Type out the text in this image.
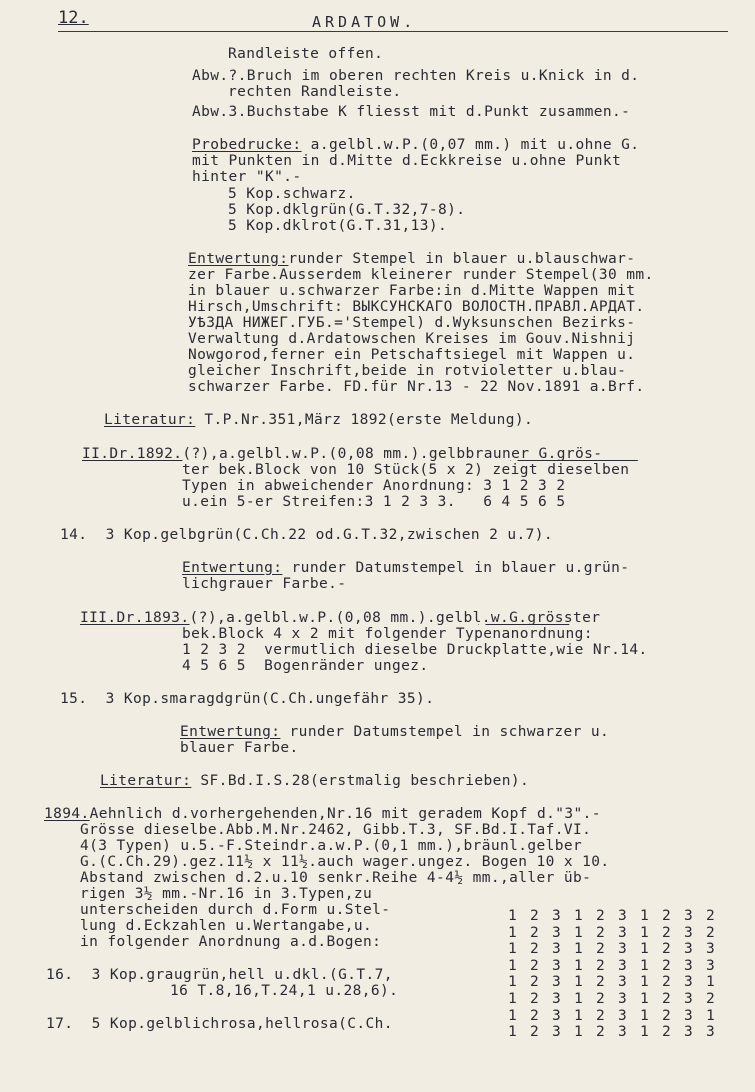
12.	ARDATOW.
Randleiste offen.
Abw.?.Bruch im oberen rechten Kreis u.Knick in d.
rechten Randleiste.
Abw.3.Buchstabe K fliesst mit d.Punkt zusammen.-
Probedrucke: a.gelbl.w.P.(0,07 mm.) mit u.ohne G.
mit Punkten in d.Mitte d.Eckkreise u.ohne Punkt
hinter "K".-
5 Kop.schwarz.
5 Kop.dklgrün(G.T.32,7-8).
5 Kop.dklrot(G.T.31,13).
Entwertung:runder Stempel in blauer u.blauschwar-
zer Farbe.Ausserdem kleinerer runder Stempel(30 mm.
in blauer u.schwarzer Farbe:in d.Mitte Wappen mit
Hirsch,Umschrift: ВЫКСУНСКАГО ВОЛОСТН.ПРАВЛ.АРДАТ.
УѢЗДА НИЖЕГ.ГУБ.='Stempel) d.Wyksunschen Bezirks-
Verwaltung d.Ardatowschen Kreises im Gouv.Nishnij
Nowgorod,ferner ein Petschaftsiegel mit Wappen u.
gleicher Inschrift,beide in rotvioletter u.blau-
schwarzer Farbe. FD.für Nr.13 - 22 Nov.1891 a.Brf.
Literatur: T.P.Nr.351,März 1892(erste Meldung).
II.Dr.1892.(?),a.gelbl.w.P.(0,08 mm.).gelbbrauner G.grös-
ter bek.Block von 10 Stück(5 x 2) zeigt dieselben
Typen in abweichender Anordnung: 3 1 2 3 2
u.ein 5-er Streifen:3 1 2 3 3.   6 4 5 6 5
14.  3 Kop.gelbgrün(C.Ch.22 od.G.T.32,zwischen 2 u.7).
Entwertung: runder Datumstempel in blauer u.grün-
lichgrauer Farbe.-
III.Dr.1893.(?),a.gelbl.w.P.(0,08 mm.).gelbl.w.G.grösster
bek.Block 4 x 2 mit folgender Typenanordnung:
1 2 3 2  vermutlich dieselbe Druckplatte,wie Nr.14.
4 5 6 5  Bogenränder ungez.
15.  3 Kop.smaragdgrün(C.Ch.ungefähr 35).
Entwertung: runder Datumstempel in schwarzer u.
blauer Farbe.
Literatur: SF.Bd.I.S.28(erstmalig beschrieben).
1894.Aehnlich d.vorhergehenden,Nr.16 mit geradem Kopf d."3".-
Grösse dieselbe.Abb.M.Nr.2462, Gibb.T.3, SF.Bd.I.Taf.VI.
4(3 Typen) u.5.-F.Steindr.a.w.P.(0,1 mm.),bräunl.gelber
G.(C.Ch.29).gez.11½ x 11½.auch wager.ungez. Bogen 10 x 10.
Abstand zwischen d.2.u.10 senkr.Reihe 4-4½ mm.,aller üb-
rigen 3½ mm.-Nr.16 in 3.Typen,zu
unterscheiden durch d.Form u.Stel-
lung d.Eckzahlen u.Wertangabe,u.
in folgender Anordnung a.d.Bogen:
16.  3 Kop.graugrün,hell u.dkl.(G.T.7,
16 T.8,16,T.24,1 u.28,6).
17.  5 Kop.gelblichrosa,hellrosa(C.Ch.
1 2 3 1 2 3 1 2 3 2
1 2 3 1 2 3 1 2 3 2
1 2 3 1 2 3 1 2 3 3
1 2 3 1 2 3 1 2 3 3
1 2 3 1 2 3 1 2 3 1
1 2 3 1 2 3 1 2 3 2
1 2 3 1 2 3 1 2 3 1
1 2 3 1 2 3 1 2 3 3
